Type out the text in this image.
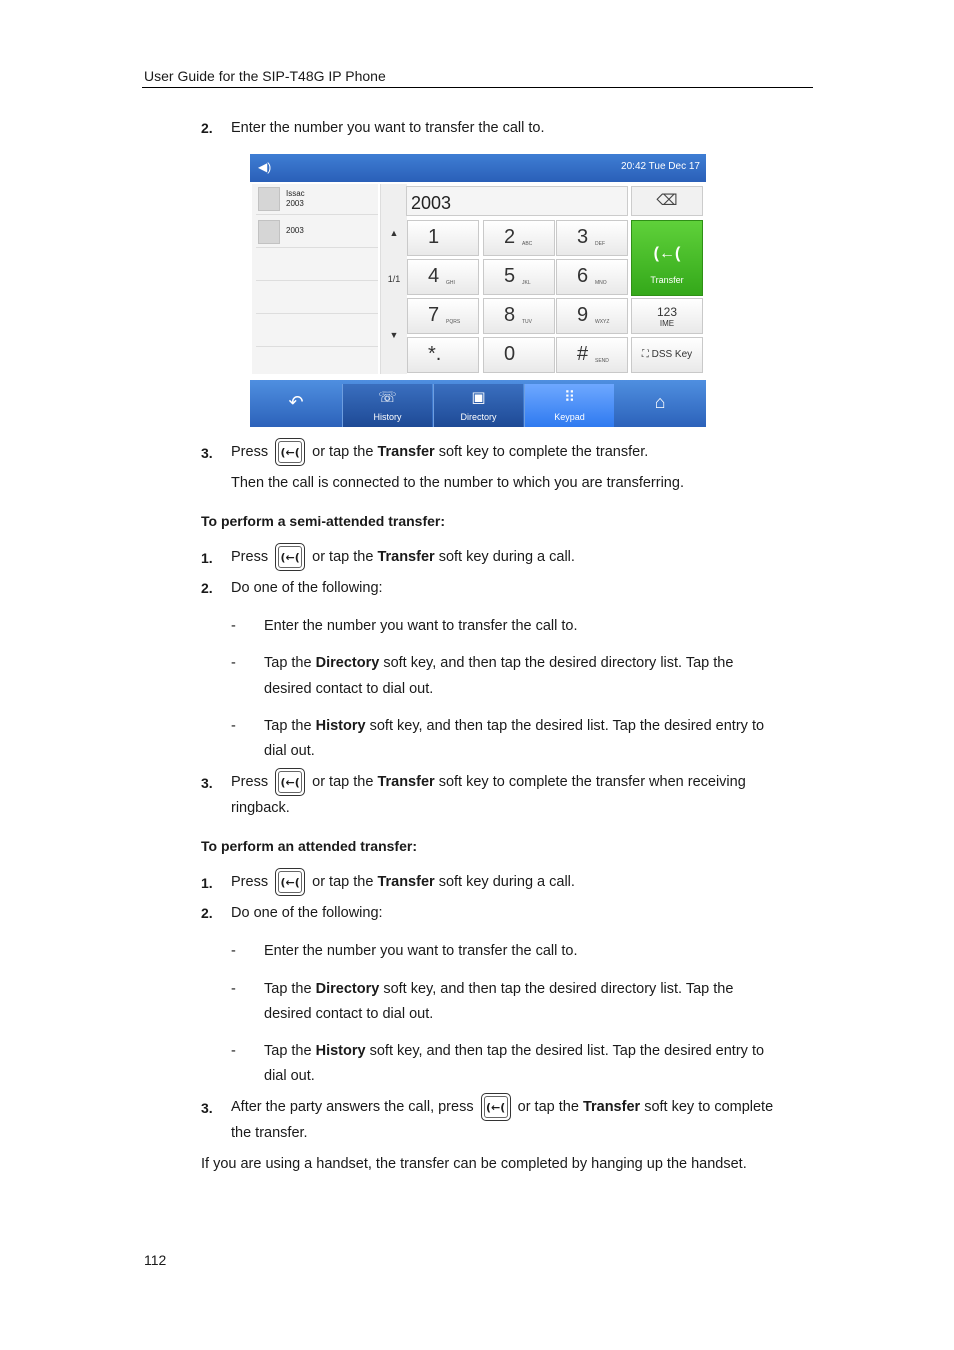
User Guide for the SIP-T48G IP Phone
2. Enter the number you want to transfer the call to.
◀)	20:42 Tue Dec 17
Issac
2003
2003	▲
1/1
▼
2003	⌫
1	2 ABC 3 DEF
4 GHI 5 JKL 6 MNO
7 PQRS 8 TUV 9 WXYZ
*.	0	# SEND
(←(
Transfer
123
IME
⛶ DSS Key
↶	☏
History
▣
Directory
⠿
Keypad
⌂
3. Press	(←( or tap the Transfer soft key to complete the transfer.
Then the call is connected to the number to which you are transferring.
To perform a semi-attended transfer:
1. Press	(←( or tap the Transfer soft key during a call.
2. Do one of the following:
- Enter the number you want to transfer the call to.
- Tap the Directory soft key, and then tap the desired directory list. Tap the
desired contact to dial out.
- Tap the History soft key, and then tap the desired list. Tap the desired entry to
dial out.
3. Press	(←( or tap the Transfer soft key to complete the transfer when receiving
ringback.
To perform an attended transfer:
1. Press	(←( or tap the Transfer soft key during a call.
2. Do one of the following:
- Enter the number you want to transfer the call to.
- Tap the Directory soft key, and then tap the desired directory list. Tap the
desired contact to dial out.
- Tap the History soft key, and then tap the desired list. Tap the desired entry to
dial out.
3. After the party answers the call, press	(←( or tap the Transfer soft key to complete
the transfer.
If you are using a handset, the transfer can be completed by hanging up the handset.
112
